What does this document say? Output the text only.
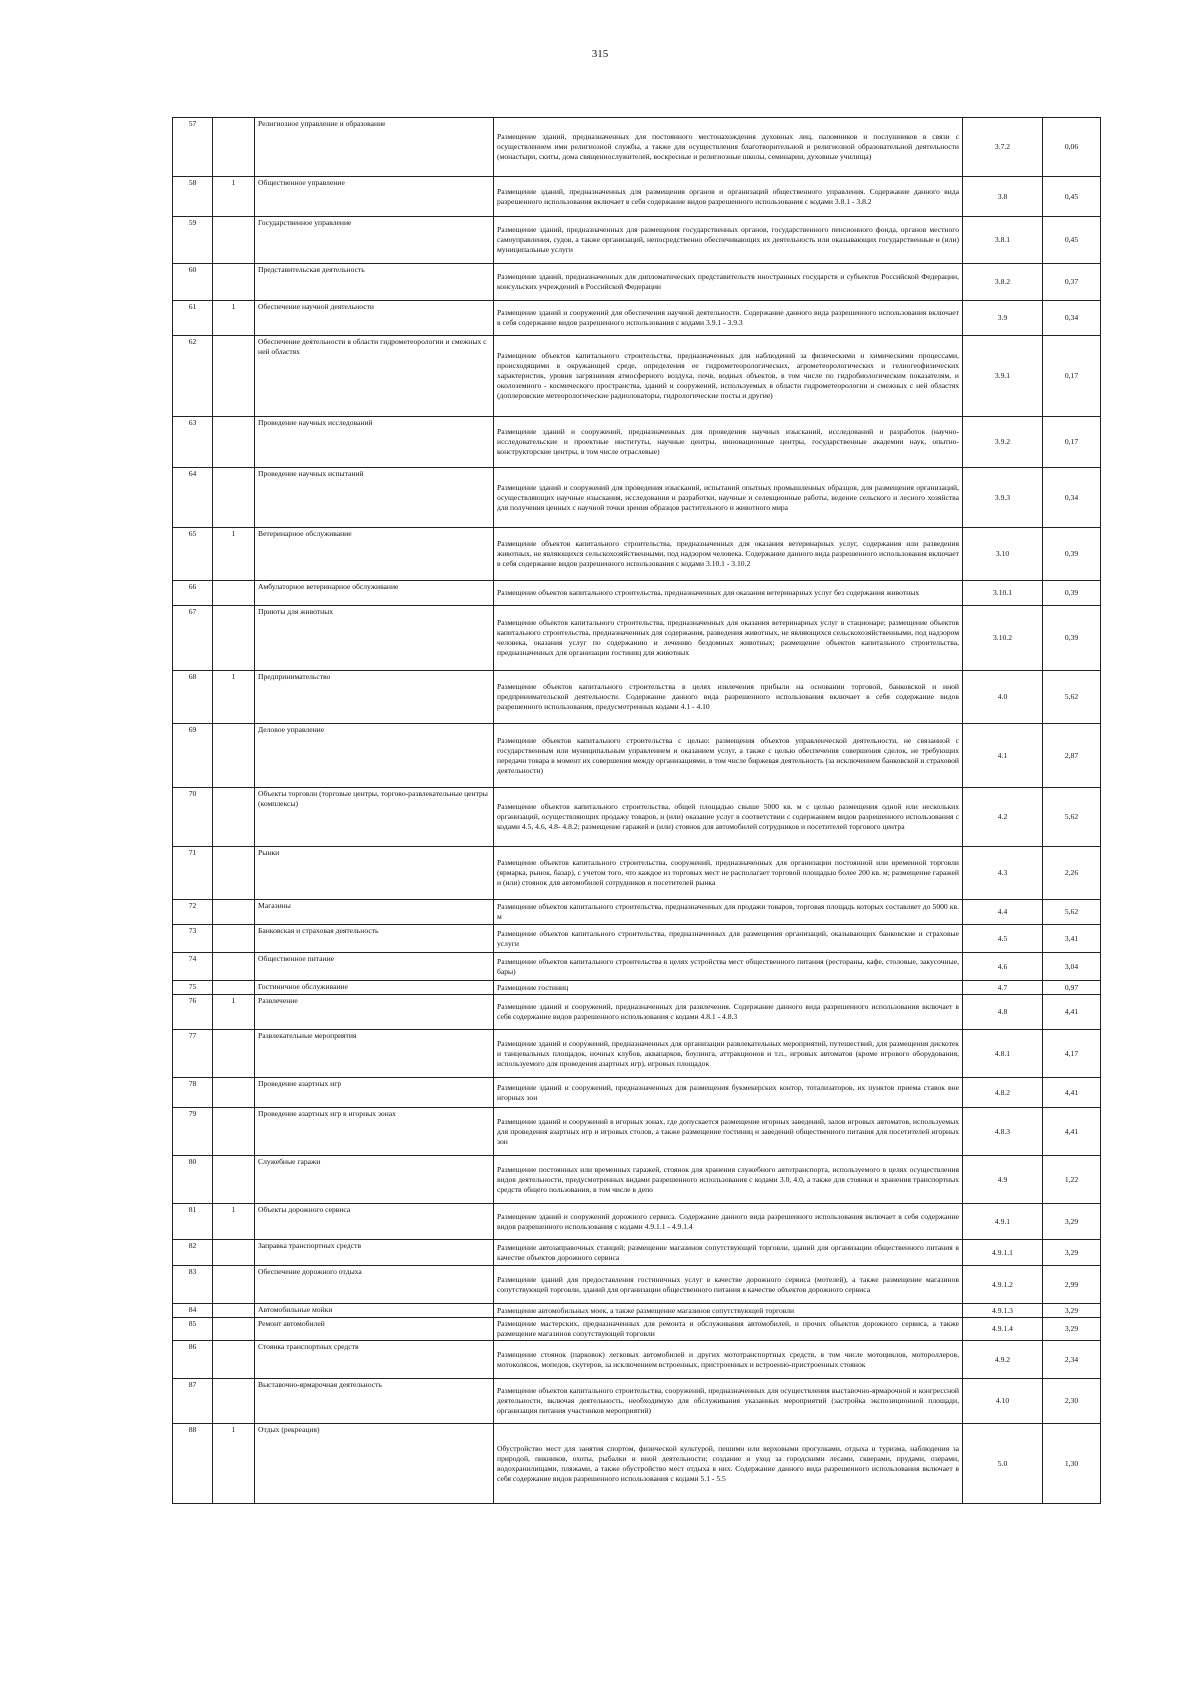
315
57		Религиозное управление и образование	Размещение зданий, предназначенных для постоянного местонахождения духовных лиц, паломников и послушников в связи с осуществлением ими религиозной службы, а также для осуществления благотворительной и религиозной образовательной деятельности (монастыри, скиты, дома священнослужителей, воскресные и религиозные школы, семинарии, духовные училища)	3.7.2	0,06
58	1	Общественное управление	Размещение зданий, предназначенных для размещения органов и организаций общественного управления. Содержание данного вида разрешенного использования включает в себя содержание видов разрешенного использования с кодами 3.8.1 - 3.8.2	3.8	0,45
59		Государственное управление	Размещение зданий, предназначенных для размещения государственных органов, государственного пенсионного фонда, органов местного самоуправления, судов, а также организаций, непосредственно обеспечивающих их деятельность или оказывающих государственные и (или) муниципальные услуги	3.8.1	0,45
60		Представительская деятельность	Размещение зданий, предназначенных для дипломатических представительств иностранных государств и субъектов Российской Федерации, консульских учреждений в Российской Федерации	3.8.2	0,37
61	1	Обеспечение научной деятельности	Размещение зданий и сооружений для обеспечения научной деятельности. Содержание данного вида разрешенного использования включает в себя содержание видов разрешенного использования с кодами 3.9.1 - 3.9.3	3.9	0,34
62		Обеспечение деятельности в области гидрометеорологии и смежных с ней областях	Размещение объектов капитального строительства, предназначенных для наблюдений за физическими и химическими процессами, происходящими в окружающей среде, определения ее гидрометеорологических, агрометеорологических и гелиогеофизических характеристик, уровня загрязнения атмосферного воздуха, почв, водных объектов, в том числе по гидробиологическим показателям, и околоземного - космического пространства, зданий и сооружений, используемых в области гидрометеорологии и смежных с ней областях (доплеровские метеорологические радиолокаторы, гидрологические посты и другие)	3.9.1	0,17
63		Проведение научных исследований	Размещение зданий и сооружений, предназначенных для проведения научных изысканий, исследований и разработок (научно-исследовательские и проектные институты, научные центры, инновационные центры, государственные академии наук, опытно-конструкторские центры, в том числе отраслевые)	3.9.2	0,17
64		Проведение научных испытаний	Размещение зданий и сооружений для проведения изысканий, испытаний опытных промышленных образцов, для размещения организаций, осуществляющих научные изыскания, исследования и разработки, научные и селекционные работы, ведение сельского и лесного хозяйства для получения ценных с научной точки зрения образцов растительного и животного мира	3.9.3	0,34
65	1	Ветеринарное обслуживание	Размещение объектов капитального строительства, предназначенных для оказания ветеринарных услуг, содержания или разведения животных, не являющихся сельскохозяйственными, под надзором человека. Содержание данного вида разрешенного использования включает в себя содержание видов разрешенного использования с кодами 3.10.1 - 3.10.2	3.10	0,39
66		Амбулаторное ветеринарное обслуживание	Размещение объектов капитального строительства, предназначенных для оказания ветеринарных услуг без содержания животных	3.10.1	0,39
67		Приюты для животных	Размещение объектов капитального строительства, предназначенных для оказания ветеринарных услуг в стационаре; размещение объектов капитального строительства, предназначенных для содержания, разведения животных, не являющихся сельскохозяйственными, под надзором человека, оказания услуг по содержанию и лечению бездомных животных; размещение объектов капитального строительства, предназначенных для организации гостиниц для животных	3.10.2	0,39
68	1	Предпринимательство	Размещение объектов капитального строительства в целях извлечения прибыли на основании торговой, банковской и иной предпринимательской деятельности. Содержание данного вида разрешенного использования включает в себя содержание видов разрешенного использования, предусмотренных кодами 4.1 - 4.10	4.0	5,62
69		Деловое управление	Размещение объектов капитального строительства с целью: размещения объектов управленческой деятельности, не связанной с государственным или муниципальным управлением и оказанием услуг, а также с целью обеспечения совершения сделок, не требующих передачи товара в момент их совершения между организациями, в том числе биржевая деятельность (за исключением банковской и страховой деятельности)	4.1	2,87
70		Объекты торговли (торговые центры, торгово-развлекательные центры (комплексы)	Размещение объектов капитального строительства, общей площадью свыше 5000 кв. м с целью размещения одной или нескольких организаций, осуществляющих продажу товаров, и (или) оказание услуг в соответствии с содержанием видов разрешенного использования с кодами 4.5, 4.6, 4.8- 4.8.2; размещение гаражей и (или) стоянок для автомобилей сотрудников и посетителей торгового центра	4.2	5,62
71		Рынки	Размещение объектов капитального строительства, сооружений, предназначенных для организации постоянной или временной торговли (ярмарка, рынок, базар), с учетом того, что каждое из торговых мест не располагает торговой площадью более 200 кв. м; размещение гаражей и (или) стоянок для автомобилей сотрудников и посетителей рынка	4.3	2,26
72		Магазины	Размещение объектов капитального строительства, предназначенных для продажи товаров, торговая площадь которых составляет до 5000 кв. м	4.4	5,62
73		Банковская и страховая деятельность	Размещение объектов капитального строительства, предназначенных для размещения организаций, оказывающих банковские и страховые услуги	4.5	3,41
74		Общественное питание	Размещение объектов капитального строительства в целях устройства мест общественного питания (рестораны, кафе, столовые, закусочные, бары)	4.6	3,04
75		Гостиничное обслуживание	Размещение гостиниц	4.7	0,97
76	1	Развлечение	Размещение зданий и сооружений, предназначенных для развлечения. Содержание данного вида разрешенного использования включает в себя содержание видов разрешенного использования с кодами 4.8.1 - 4.8.3	4.8	4,41
77		Развлекательные мероприятия	Размещение зданий и сооружений, предназначенных для организации развлекательных мероприятий, путешествий, для размещения дискотек и танцевальных площадок, ночных клубов, аквапарков, боулинга, аттракционов и т.п., игровых автоматов (кроме игрового оборудования, используемого для проведения азартных игр), игровых площадок	4.8.1	4,17
78		Проведение азартных игр	Размещение зданий и сооружений, предназначенных для размещения букмекерских контор, тотализаторов, их пунктов приема ставок вне игорных зон	4.8.2	4,41
79		Проведение азартных игр в игорных зонах	Размещение зданий и сооружений в игорных зонах, где допускается размещение игорных заведений, залов игровых автоматов, используемых для проведения азартных игр и игровых столов, а также размещение гостиниц и заведений общественного питания для посетителей игорных зон	4.8.3	4,41
80		Служебные гаражи	Размещение постоянных или временных гаражей, стоянок для хранения служебного автотранспорта, используемого в целях осуществления видов деятельности, предусмотренных видами разрешенного использования с кодами 3.0, 4.0, а также для стоянки и хранения транспортных средств общего пользования, в том числе в депо	4.9	1,22
81	1	Объекты дорожного сервиса	Размещение зданий и сооружений дорожного сервиса. Содержание данного вида разрешенного использования включает в себя содержание видов разрешенного использования с кодами 4.9.1.1 - 4.9.1.4	4.9.1	3,29
82		Заправка транспортных средств	Размещение автозаправочных станций; размещение магазинов сопутствующей торговли, зданий для организации общественного питания в качестве объектов дорожного сервиса	4.9.1.1	3,29
83		Обеспечение дорожного отдыха	Размещение зданий для предоставления гостиничных услуг в качестве дорожного сервиса (мотелей), а также размещение магазинов сопутствующей торговли, зданий для организации общественного питания в качестве объектов дорожного сервиса	4.9.1.2	2,99
84		Автомобильные мойки	Размещение автомобильных моек, а также размещение магазинов сопутствующей торговли	4.9.1.3	3,29
85		Ремонт автомобилей	Размещение мастерских, предназначенных для ремонта и обслуживания автомобилей, и прочих объектов дорожного сервиса, а также размещение магазинов сопутствующей торговли	4.9.1.4	3,29
86		Стоянка транспортных средств	Размещение стоянок (парковок) легковых автомобилей и других мототранспортных средств, в том числе мотоциклов, мотороллеров, мотоколясок, мопедов, скутеров, за исключением встроенных, пристроенных и встроенно-пристроенных стоянок	4.9.2	2,34
87		Выставочно-ярмарочная деятельность	Размещение объектов капитального строительства, сооружений, предназначенных для осуществления выставочно-ярмарочной и конгрессной деятельности, включая деятельность, необходимую для обслуживания указанных мероприятий (застройка экспозиционной площади, организация питания участников мероприятий)	4.10	2,30
88	1	Отдых (рекреация)	Обустройство мест для занятия спортом, физической культурой, пешими или верховыми прогулками, отдыха и туризма, наблюдения за природой, пикников, охоты, рыбалки и иной деятельности; создание и уход за городскими лесами, скверами, прудами, озерами, водохранилищами, пляжами, а также обустройство мест отдыха в них. Содержание данного вида разрешенного использования включает в себя содержание видов разрешенного использования с кодами 5.1 - 5.5	5.0	1,30
